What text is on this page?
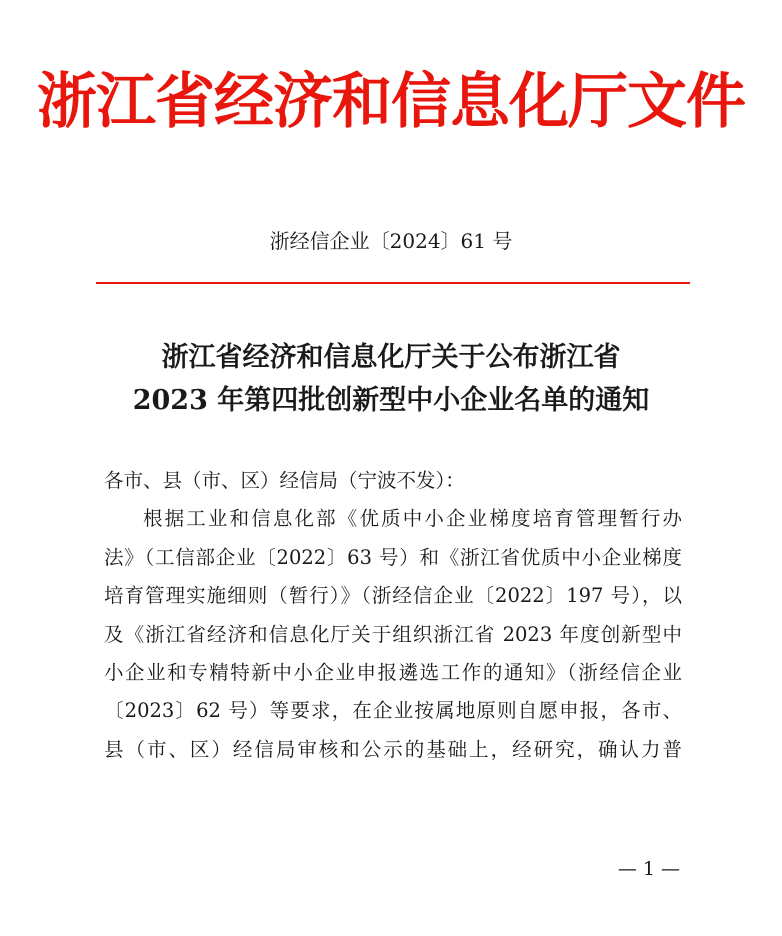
浙江省经济和信息化厅文件
浙经信企业〔2024〕61 号
浙江省经济和信息化厅关于公布浙江省
2023 年第四批创新型中小企业名单的通知
各市、县（市、区）经信局（宁波不发）：
根据工业和信息化部《优质中小企业梯度培育管理暂行办
法》（工信部企业〔2022〕63 号）和《浙江省优质中小企业梯度
培育管理实施细则（暂行）》（浙经信企业〔2022〕197 号），以
及《浙江省经济和信息化厅关于组织浙江省 2023 年度创新型中
小企业和专精特新中小企业申报遴选工作的通知》（浙经信企业
〔2023〕62 号）等要求，在企业按属地原则自愿申报，各市、
县（市、区）经信局审核和公示的基础上，经研究，确认力普
— 1 —
